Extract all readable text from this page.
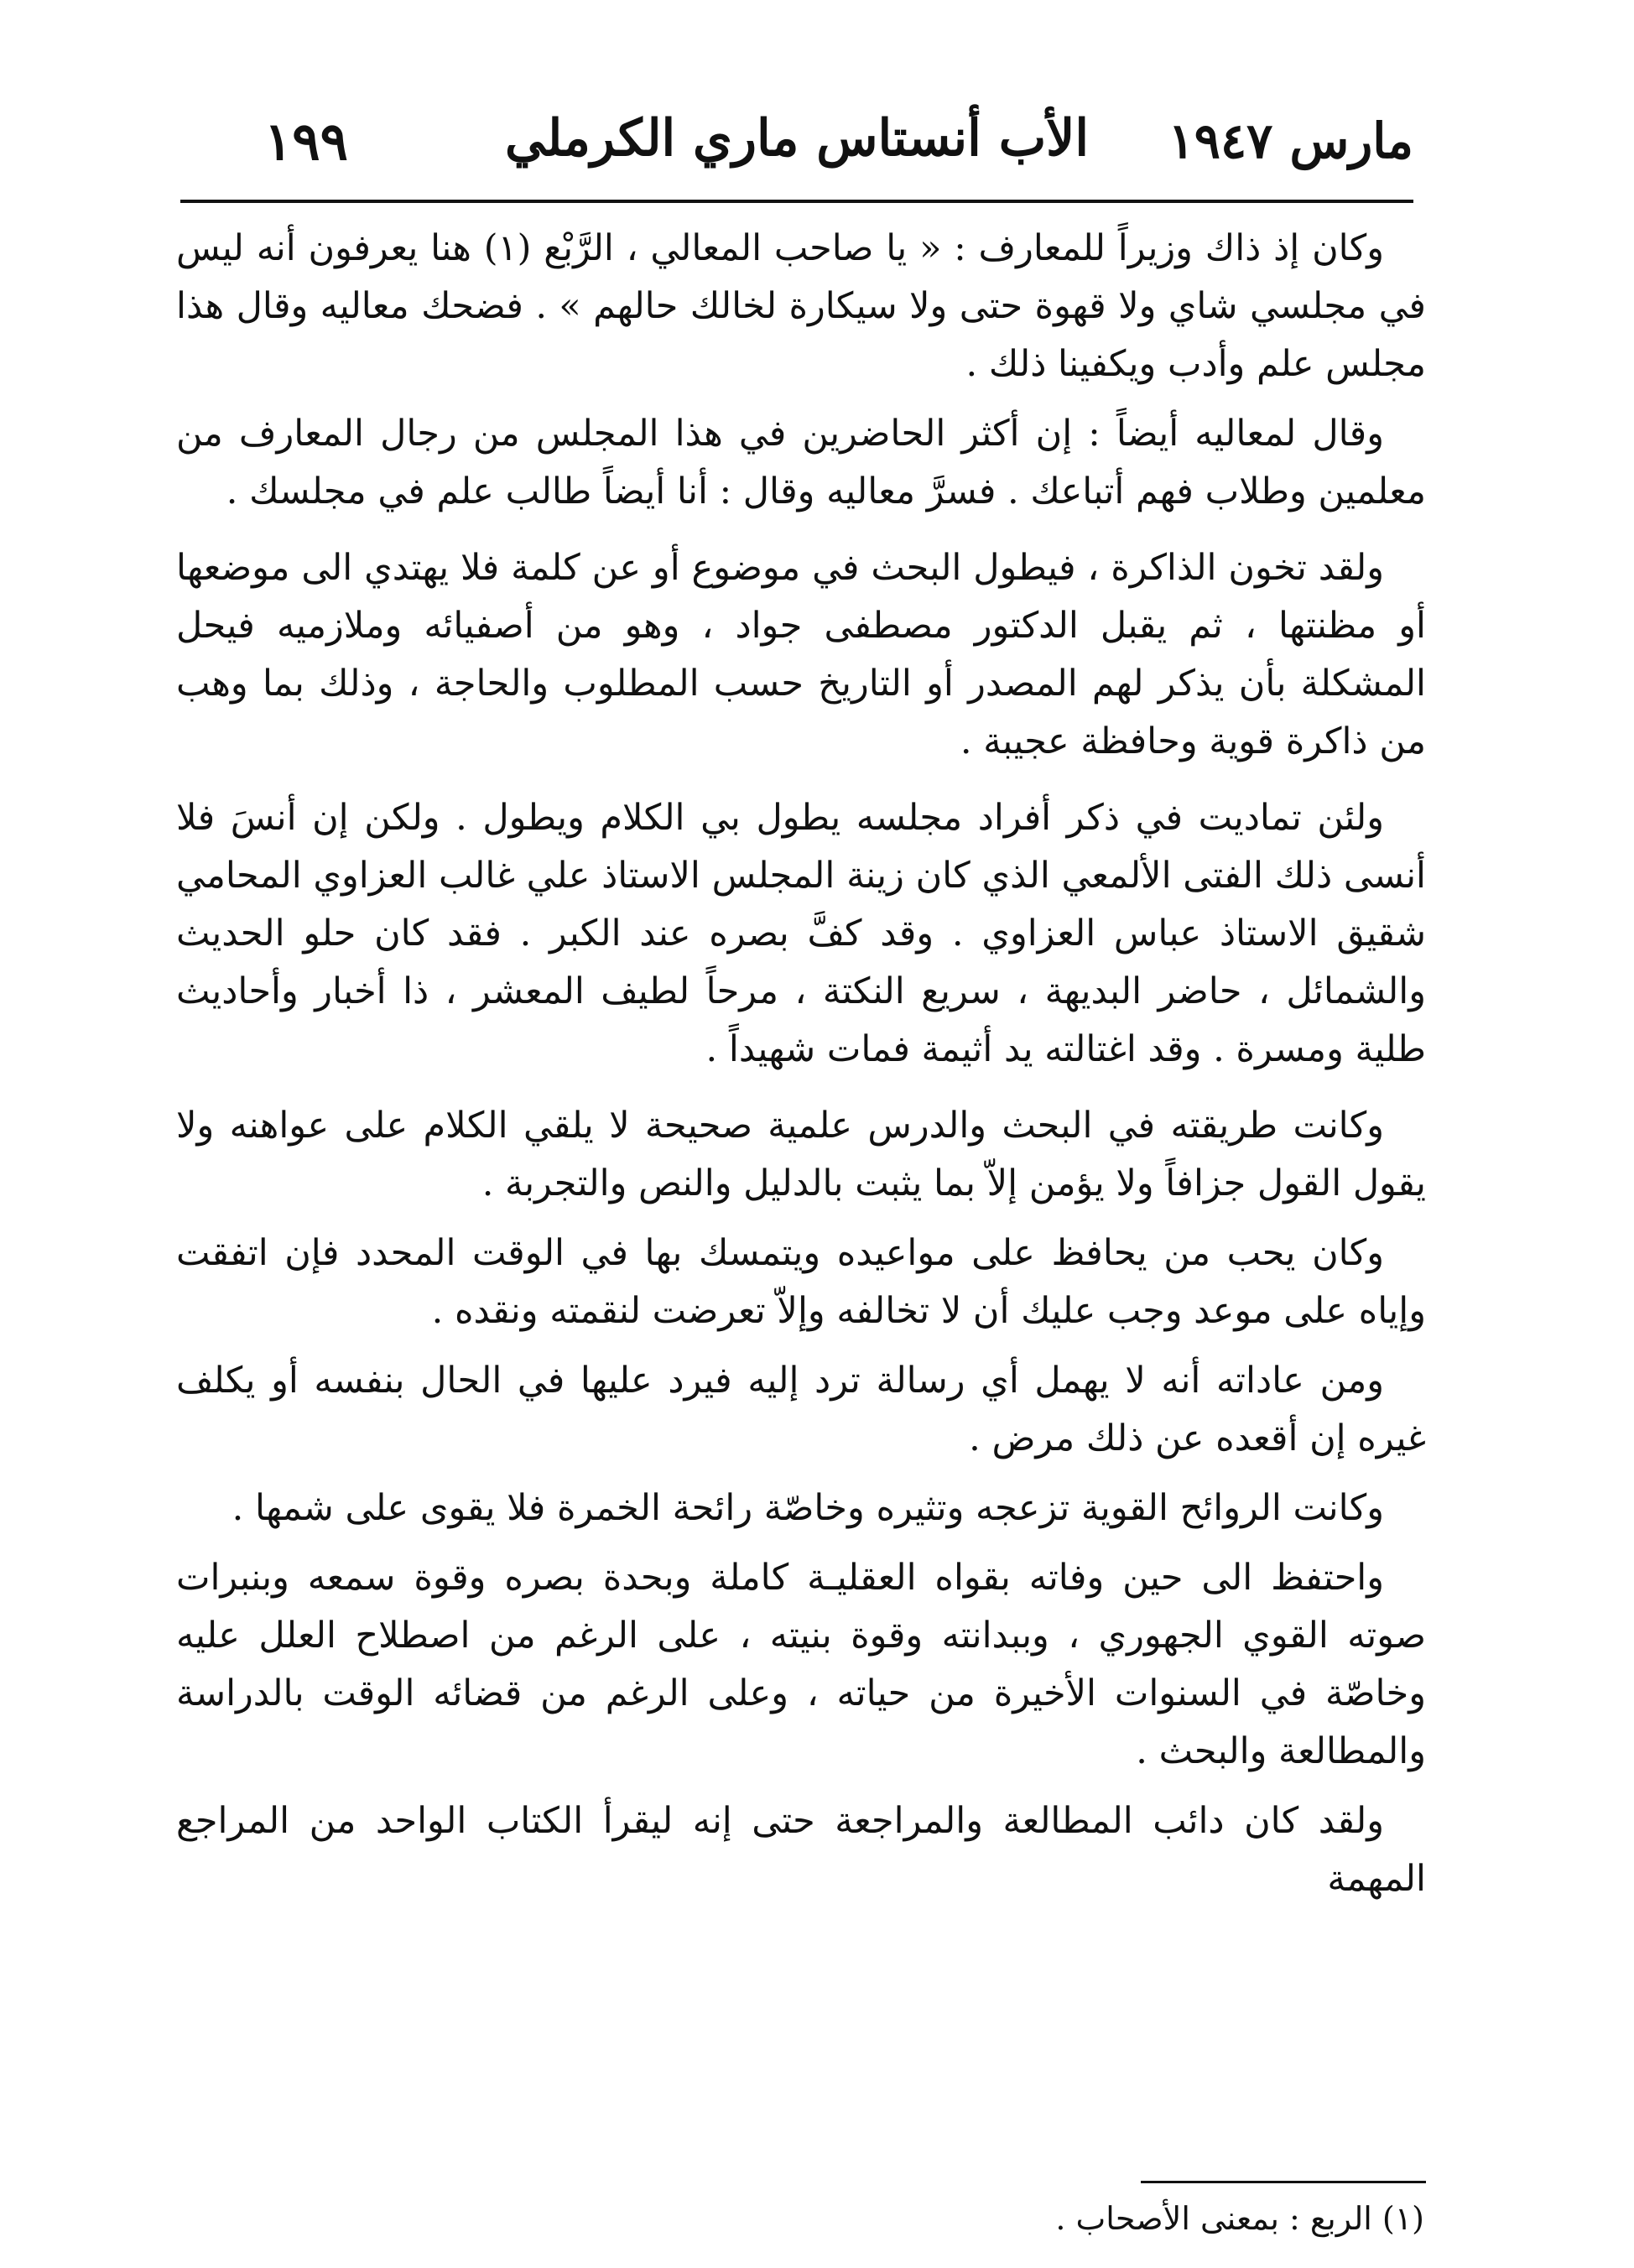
مارس ١٩٤٧
الأب أنستاس ماري الكرملي
١٩٩

وكان إذ ذاك وزيراً للمعارف : « يا صاحب المعالي ، الرَّبْع (١) هنا يعرفون أنه ليس في مجلسي شاي ولا قهوة حتى ولا سيكارة لخالك حالهم » . فضحك معاليه وقال هذا مجلس علم وأدب ويكفينا ذلك .

وقال لمعاليه أيضاً : إن أكثر الحاضرين في هذا المجلس من رجال المعارف من معلمين وطلاب فهم أتباعك . فسرَّ معاليه وقال : أنا أيضاً طالب علم في مجلسك .

ولقد تخون الذاكرة ، فيطول البحث في موضوع أو عن كلمة فلا يهتدي الى موضعها أو مظنتها ، ثم يقبل الدكتور مصطفى جواد ، وهو من أصفيائه وملازميه فيحل المشكلة بأن يذكر لهم المصدر أو التاريخ حسب المطلوب والحاجة ، وذلك بما وهب من ذاكرة قوية وحافظة عجيبة .

ولئن تماديت في ذكر أفراد مجلسه يطول بي الكلام ويطول . ولكن إن أنسَ فلا أنسى ذلك الفتى الألمعي الذي كان زينة المجلس الاستاذ علي غالب العزاوي المحامي شقيق الاستاذ عباس العزاوي . وقد كفَّ بصره عند الكبر . فقد كان حلو الحديث والشمائل ، حاضر البديهة ، سريع النكتة ، مرحاً لطيف المعشر ، ذا أخبار وأحاديث طلية ومسرة . وقد اغتالته يد أثيمة فمات شهيداً .

وكانت طريقته في البحث والدرس علمية صحيحة لا يلقي الكلام على عواهنه ولا يقول القول جزافاً ولا يؤمن إلاّ بما يثبت بالدليل والنص والتجربة .

وكان يحب من يحافظ على مواعيده ويتمسك بها في الوقت المحدد فإن اتفقت وإياه على موعد وجب عليك أن لا تخالفه وإلاّ تعرضت لنقمته ونقده .

ومن عاداته أنه لا يهمل أي رسالة ترد إليه فيرد عليها في الحال بنفسه أو يكلف غيره إن أقعده عن ذلك مرض .

وكانت الروائح القوية تزعجه وتثيره وخاصّة رائحة الخمرة فلا يقوى على شمها .

واحتفظ الى حين وفاته بقواه العقليـة كاملة وبحدة بصره وقوة سمعه وبنبرات صوته القوي الجهوري ، وببدانته وقوة بنيته ، على الرغم من اصطلاح العلل عليه وخاصّة في السنوات الأخيرة من حياته ، وعلى الرغم من قضائه الوقت بالدراسة والمطالعة والبحث .

ولقد كان دائب المطالعة والمراجعة حتى إنه ليقرأ الكتاب الواحد من المراجع المهمة

(١) الربع : بمعنى الأصحاب .
